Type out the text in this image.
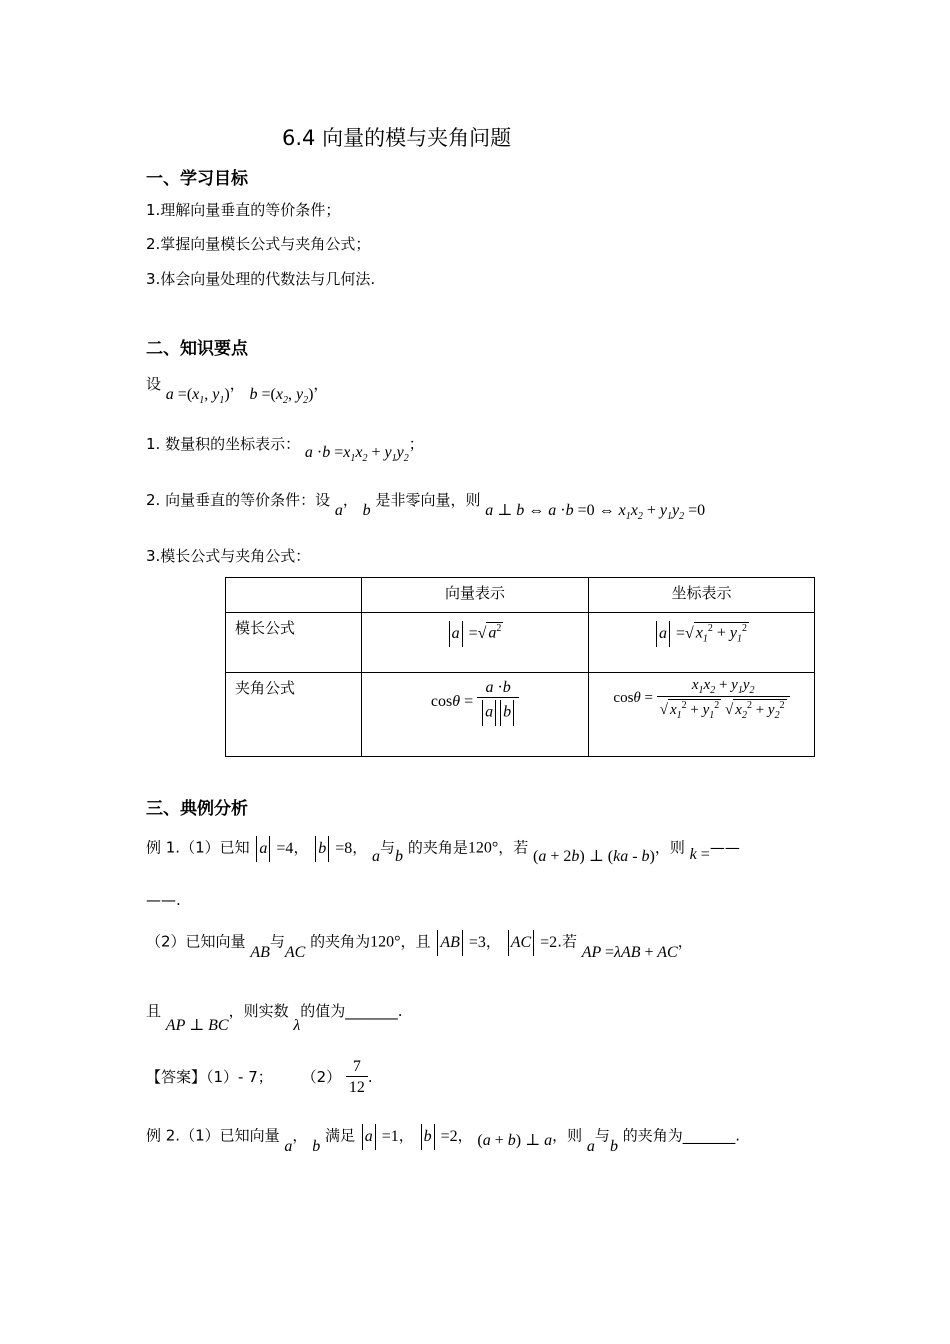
6.4 向量的模与夹角问题
一、学习目标
1.理解向量垂直的等价条件；
2.掌握向量模长公式与夹角公式；
3.体会向量处理的代数法与几何法.
二、知识要点
设 $a =(x_1$, $y_1$)， $b =(x_2$, $y_2$)，
1. 数量积的坐标表示： $a \cdot b =x_1x_2 + y_1y_2$；
2. 向量垂直的等价条件：设 a， b 是非零向量，则 a ⊥ b ⇔ a ·b =0 ⇔ $x_1x_2 + y_1y_2 =0$
3.模长公式与夹角公式：
	向量表示	坐标表示
模长公式	a =√ $a^2$	a =√ $x_1^2 + y_1^2$
夹角公式	$\cos\theta = \frac{a \cdot b}{\text{a b}}$	$\cos\theta = \frac{x_1x_2 + y_1y_2}{√ x_1^2 + y_1^2 √ x_2^2 + y_2^2}$
三、典例分析
例 1.（1）已知 a =4， b =8， a与b 的夹角是120°，若 (a + 2b) ⊥ (ka - b)，则 k =——
——.
（2）已知向量 AB与AC 的夹角为120°，且 AB =3， AC =2.若 AP =λAB + AC，
且 AP ⊥ BC，则实数 λ的值为_______.
【答案】（1）- 7； $(2) \frac{7}{12}$ .
例 2.（1）已知向量 a， b 满足 a =1， b =2， (a + b) ⊥ a，则 a与b 的夹角为_______.
